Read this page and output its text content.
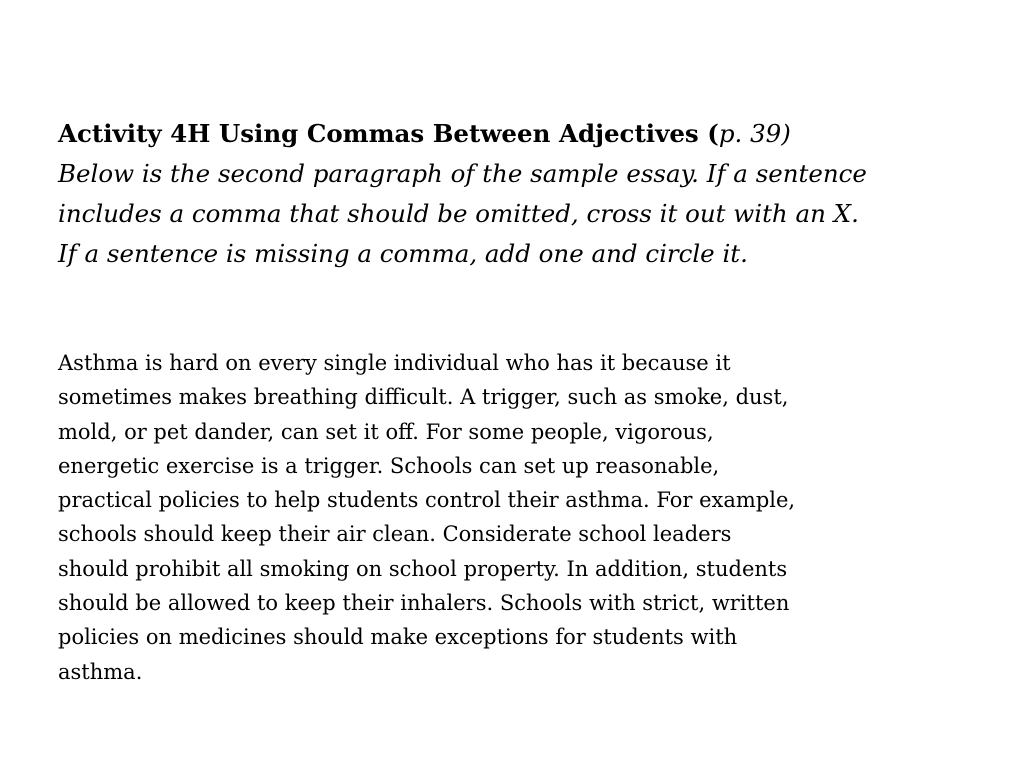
Activity 4H Using Commas Between Adjectives (p. 39)
Below is the second paragraph of the sample essay. If a sentence
includes a comma that should be omitted, cross it out with an X.
If a sentence is missing a comma, add one and circle it.
Asthma is hard on every single individual who has it because it
sometimes makes breathing difficult. A trigger, such as smoke, dust,
mold, or pet dander, can set it off. For some people, vigorous,
energetic exercise is a trigger. Schools can set up reasonable,
practical policies to help students control their asthma. For example,
schools should keep their air clean. Considerate school leaders
should prohibit all smoking on school property. In addition, students
should be allowed to keep their inhalers. Schools with strict, written
policies on medicines should make exceptions for students with
asthma.
